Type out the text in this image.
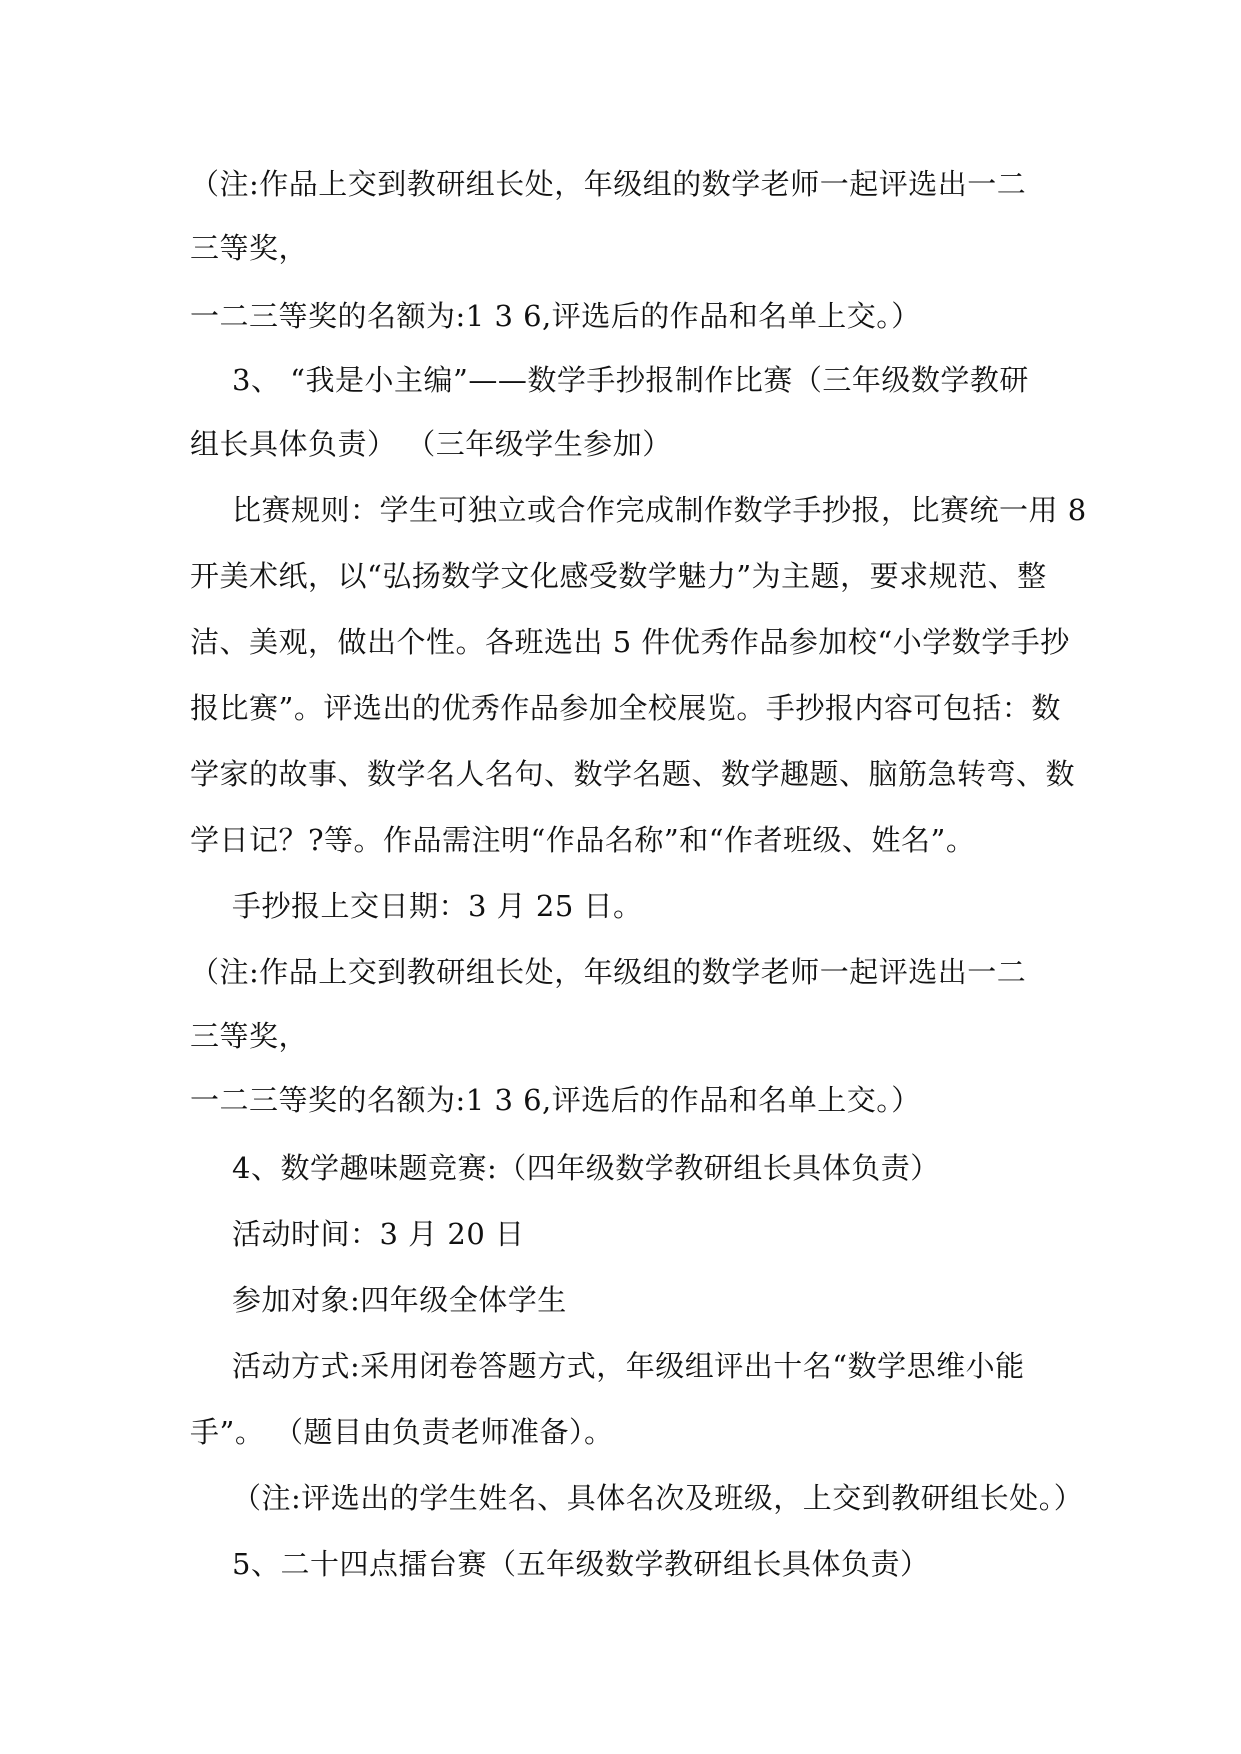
（注:作品上交到教研组长处，年级组的数学老师一起评选出一二
三等奖，
一二三等奖的名额为:1 3 6,评选后的作品和名单上交。）
3、 “我是小主编”——数学手抄报制作比赛（三年级数学教研
组长具体负责） （三年级学生参加）
比赛规则：学生可独立或合作完成制作数学手抄报，比赛统一用 8
开美术纸，以“弘扬数学文化感受数学魅力”为主题，要求规范、整
洁、美观，做出个性。各班选出 5 件优秀作品参加校“小学数学手抄
报比赛”。评选出的优秀作品参加全校展览。手抄报内容可包括：数
学家的故事、数学名人名句、数学名题、数学趣题、脑筋急转弯、数
学日记？?等。作品需注明“作品名称”和“作者班级、姓名”。
手抄报上交日期：3 月 25 日。
（注:作品上交到教研组长处，年级组的数学老师一起评选出一二
三等奖，
一二三等奖的名额为:1 3 6,评选后的作品和名单上交。）
4、数学趣味题竞赛:（四年级数学教研组长具体负责）
活动时间：3 月 20 日
参加对象:四年级全体学生
活动方式:采用闭卷答题方式，年级组评出十名“数学思维小能
手”。 （题目由负责老师准备）。
（注:评选出的学生姓名、具体名次及班级，上交到教研组长处。）
5、二十四点擂台赛（五年级数学教研组长具体负责）
